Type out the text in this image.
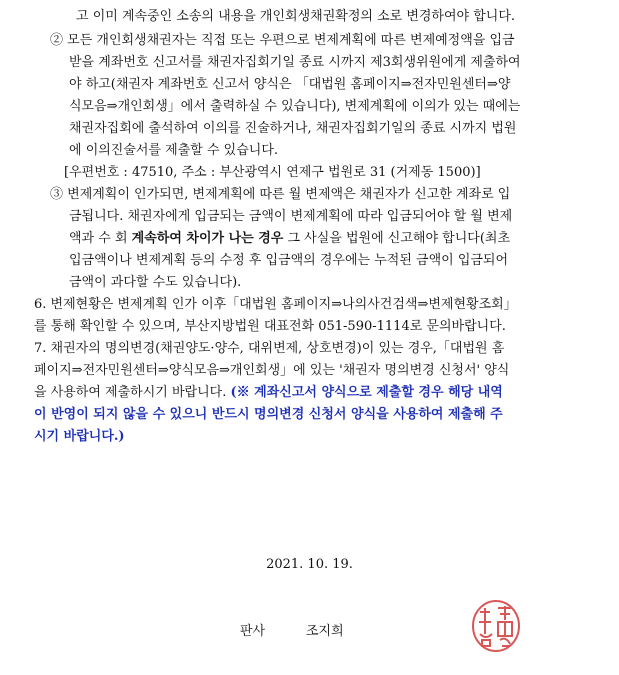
고 이미 계속중인 소송의 내용을 개인회생채권확정의 소로 변경하여야 합니다.
② 모든 개인회생채권자는 직접 또는 우편으로 변제계획에 따른 변제예정액을 입금
받을 계좌번호 신고서를 채권자집회기일 종료 시까지 제3회생위원에게 제출하여
야 하고(채권자 계좌번호 신고서 양식은 「대법원 홈페이지⇒전자민원센터⇒양
식모음⇒개인회생」에서 출력하실 수 있습니다), 변제계획에 이의가 있는 때에는
채권자집회에 출석하여 이의를 진술하거나, 채권자집회기일의 종료 시까지 법원
에 이의진술서를 제출할 수 있습니다.
[우편번호 : 47510, 주소 : 부산광역시 연제구 법원로 31 (거제동 1500)]
③ 변제계획이 인가되면, 변제계획에 따른 월 변제액은 채권자가 신고한 계좌로 입
금됩니다. 채권자에게 입금되는 금액이 변제계획에 따라 입금되어야 할 월 변제
액과 수 회 계속하여 차이가 나는 경우 그 사실을 법원에 신고해야 합니다(최초
입금액이나 변제계획 등의 수정 후 입금액의 경우에는 누적된 금액이 입금되어
금액이 과다할 수도 있습니다).
6. 변제현황은 변제계획 인가 이후「대법원 홈페이지⇒나의사건검색⇒변제현황조회」
를 통해 확인할 수 있으며, 부산지방법원 대표전화 051-590-1114로 문의바랍니다.
7. 채권자의 명의변경(채권양도·양수, 대위변제, 상호변경)이 있는 경우,「대법원 홈
페이지⇒전자민원센터⇒양식모음⇒개인회생」에 있는 '채권자 명의변경 신청서' 양식
을 사용하여 제출하시기 바랍니다. (※ 계좌신고서 양식으로 제출할 경우 해당 내역
이 반영이 되지 않을 수 있으니 반드시 명의변경 신청서 양식을 사용하여 제출해 주
시기 바랍니다.)
2021. 10. 19.
판사	조지희
